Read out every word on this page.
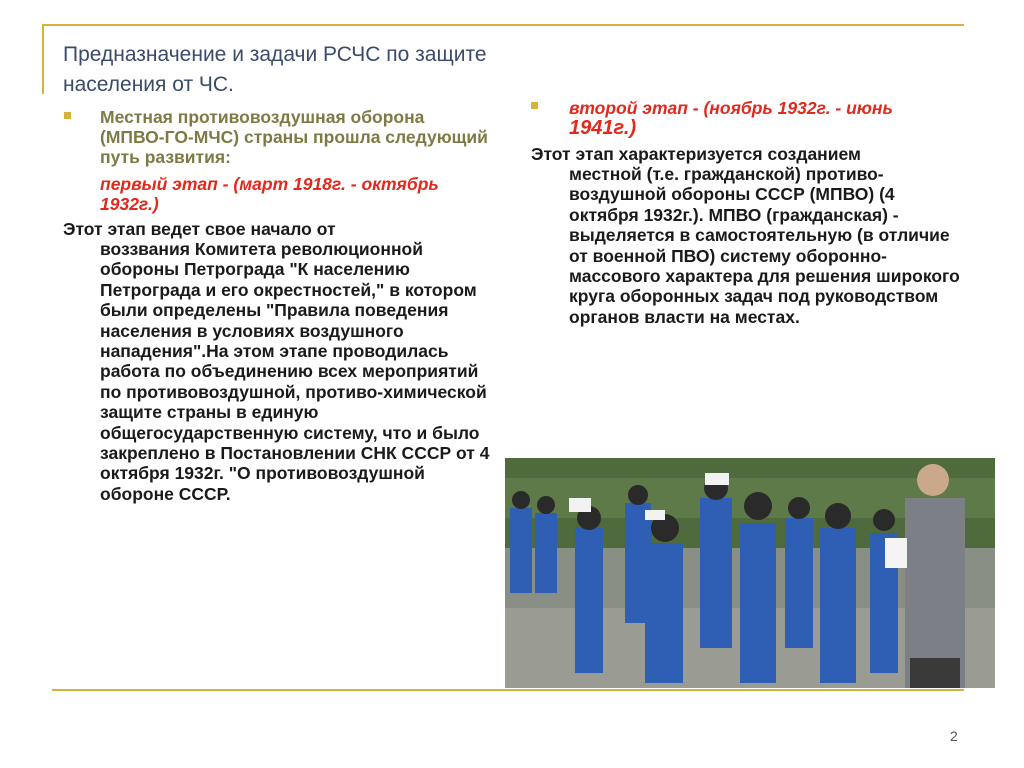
Предназначение и задачи РСЧС по защите населения от ЧС.
Местная противовоздушная оборона (МПВО-ГО-МЧС) страны прошла следующий путь развития:
первый этап - (март 1918г. - октябрь 1932г.)
Этот этап ведет свое начало от
воззвания Комитета революционной обороны Петрограда "К населению Петрограда и его окрестностей," в котором были определены "Правила поведения населения в условиях воздушного нападения".На этом этапе проводилась работа по объединению всех мероприятий по противовоздушной, противо-химической защите страны в единую общегосударственную систему, что и было закреплено в Постановлении СНК СССР от 4 октября 1932г. "О противовоздушной обороне СССР.
второй этап - (ноябрь 1932г. - июнь 1941г.)
Этот этап характеризуется созданием
местной (т.е. гражданской) противо-воздушной обороны СССР (МПВО) (4 октября 1932г.). МПВО (гражданская) - выделяется в самостоятельную (в отличие от военной ПВО) систему оборонно-массового характера для решения широкого круга оборонных задач под руководством органов власти на местах.
2
